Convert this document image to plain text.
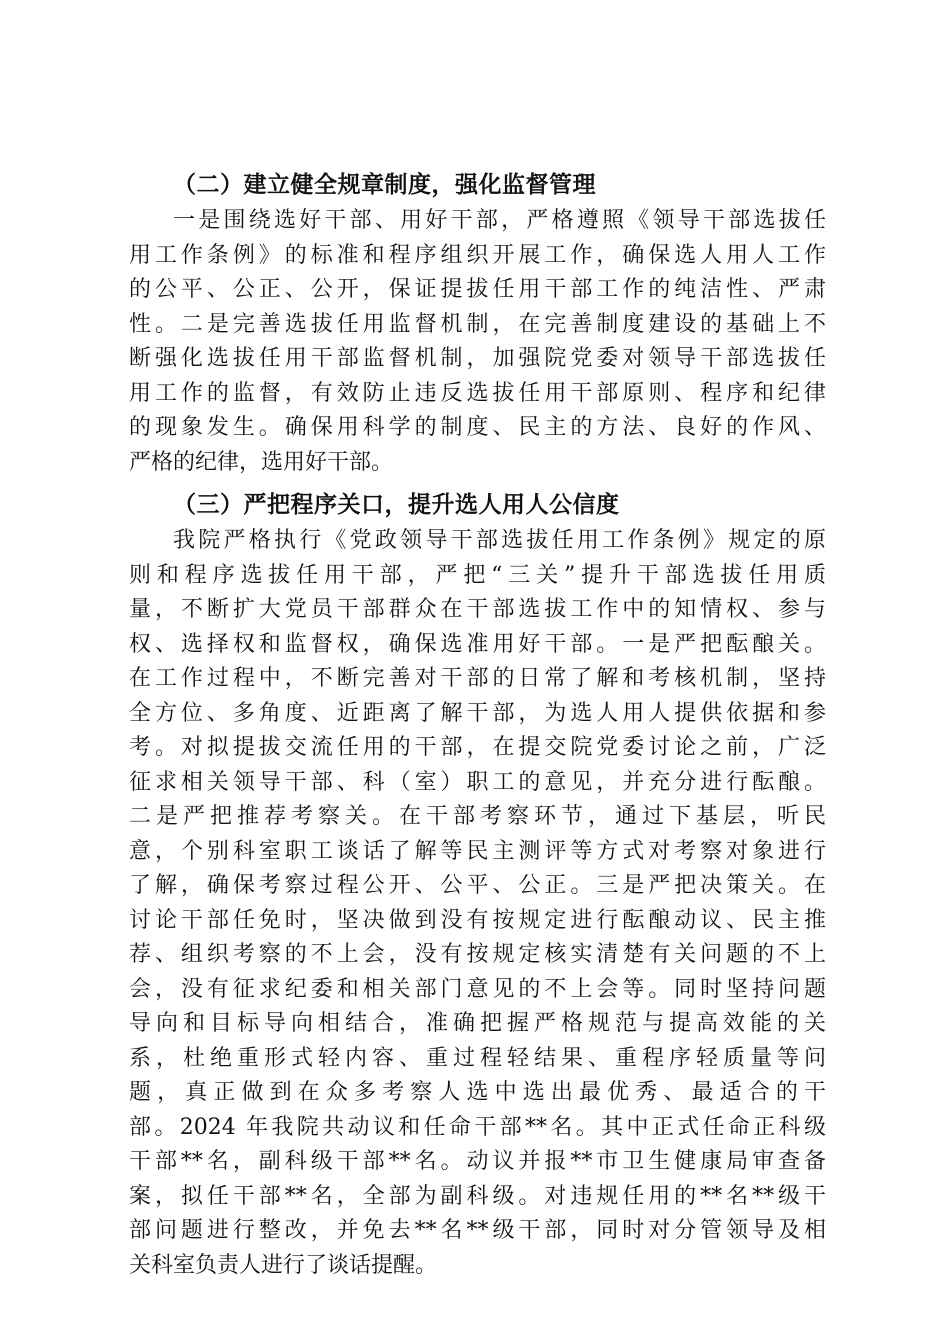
（二）建立健全规章制度，强化监督管理
一是围绕选好干部、用好干部，严格遵照《领导干部选拔任
用工作条例》的标准和程序组织开展工作，确保选人用人工作
的公平、公正、公开，保证提拔任用干部工作的纯洁性、严肃
性。二是完善选拔任用监督机制，在完善制度建设的基础上不
断强化选拔任用干部监督机制，加强院党委对领导干部选拔任
用工作的监督，有效防止违反选拔任用干部原则、程序和纪律
的现象发生。确保用科学的制度、民主的方法、良好的作风、
严格的纪律，选用好干部。
（三）严把程序关口，提升选人用人公信度
我院严格执行《党政领导干部选拔任用工作条例》规定的原
则和程序选拔任用干部，严把“三关”提升干部选拔任用质
量，不断扩大党员干部群众在干部选拔工作中的知情权、参与
权、选择权和监督权，确保选准用好干部。一是严把酝酿关。
在工作过程中，不断完善对干部的日常了解和考核机制，坚持
全方位、多角度、近距离了解干部，为选人用人提供依据和参
考。对拟提拔交流任用的干部，在提交院党委讨论之前，广泛
征求相关领导干部、科（室）职工的意见，并充分进行酝酿。
二是严把推荐考察关。在干部考察环节，通过下基层，听民
意，个别科室职工谈话了解等民主测评等方式对考察对象进行
了解，确保考察过程公开、公平、公正。三是严把决策关。在
讨论干部任免时，坚决做到没有按规定进行酝酿动议、民主推
荐、组织考察的不上会，没有按规定核实清楚有关问题的不上
会，没有征求纪委和相关部门意见的不上会等。同时坚持问题
导向和目标导向相结合，准确把握严格规范与提高效能的关
系，杜绝重形式轻内容、重过程轻结果、重程序轻质量等问
题，真正做到在众多考察人选中选出最优秀、最适合的干
部。2024 年我院共动议和任命干部**名。其中正式任命正科级
干部**名，副科级干部**名。动议并报**市卫生健康局审查备
案，拟任干部**名，全部为副科级。对违规任用的**名**级干
部问题进行整改，并免去**名**级干部，同时对分管领导及相
关科室负责人进行了谈话提醒。
